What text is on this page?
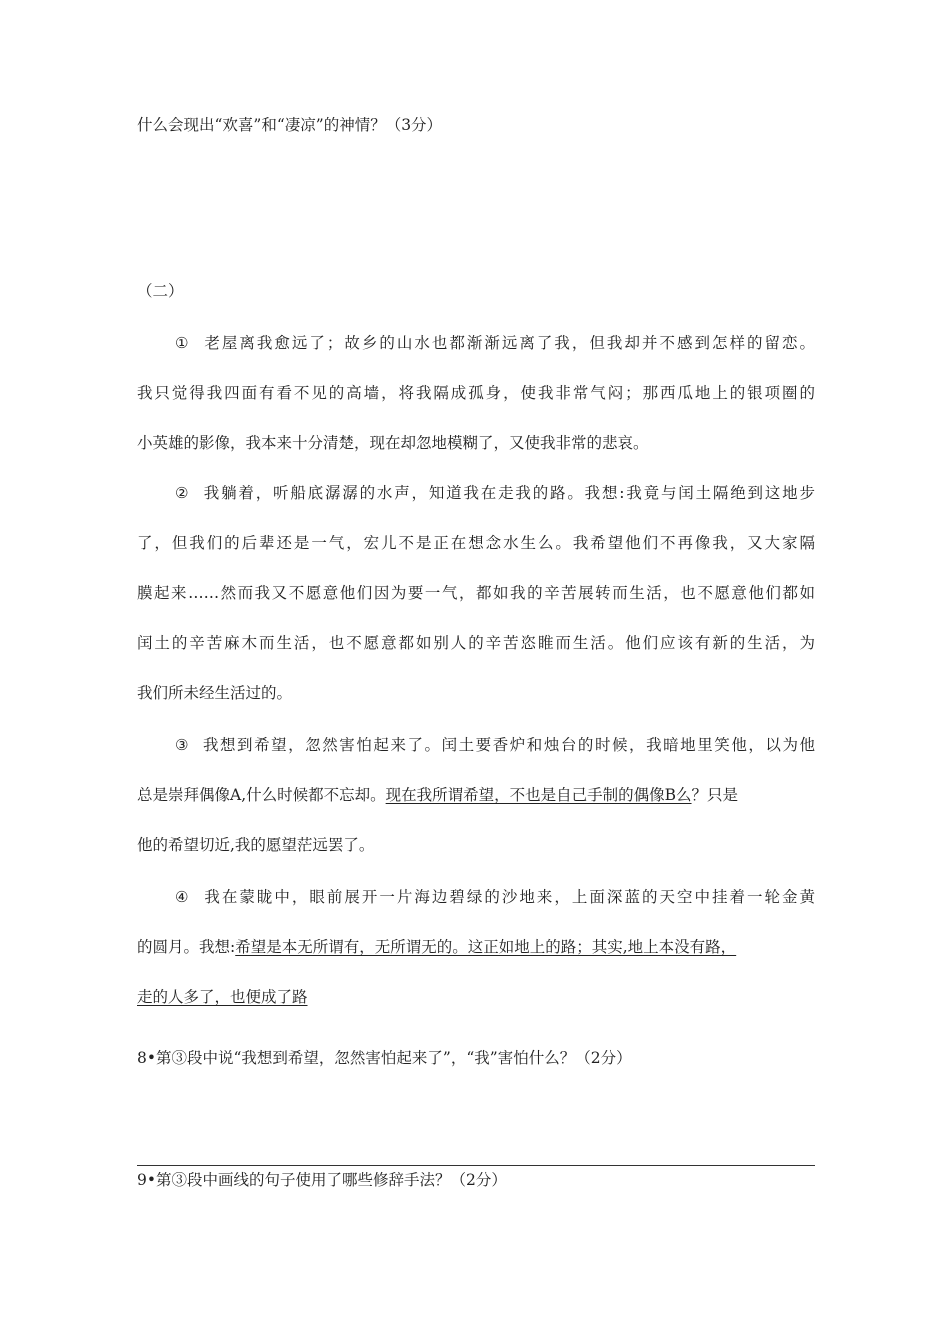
什么会现出“欢喜”和“凄凉”的神情？（3分）
（二）
① 老屋离我愈远了；故乡的山水也都渐渐远离了我，但我却并不感到怎样的留恋。
我只觉得我四面有看不见的高墙，将我隔成孤身，使我非常气闷；那西瓜地上的银项圈的
小英雄的影像，我本来十分清楚，现在却忽地模糊了，又使我非常的悲哀。
② 我躺着，听船底潺潺的水声，知道我在走我的路。我想:我竟与闰土隔绝到这地步
了，但我们的后辈还是一气，宏儿不是正在想念水生么。我希望他们不再像我，又大家隔
膜起来……然而我又不愿意他们因为要一气，都如我的辛苦展转而生活，也不愿意他们都如
闰土的辛苦麻木而生活，也不愿意都如别人的辛苦恣睢而生活。他们应该有新的生活，为
我们所未经生活过的。
③ 我想到希望，忽然害怕起来了。闰土要香炉和烛台的时候，我暗地里笑他，以为他
总是崇拜偶像A,什么时候都不忘却。现在我所谓希望，不也是自己手制的偶像B么？只是
他的希望切近,我的愿望茫远罢了。
④ 我在蒙眬中，眼前展开一片海边碧绿的沙地来，上面深蓝的天空中挂着一轮金黄
的圆月。我想:希望是本无所谓有，无所谓无的。这正如地上的路；其实,地上本没有路，
走的人多了，也便成了路
8•第③段中说“我想到希望，忽然害怕起来了”，“我”害怕什么？（2分）
9•第③段中画线的句子使用了哪些修辞手法？（2分）
